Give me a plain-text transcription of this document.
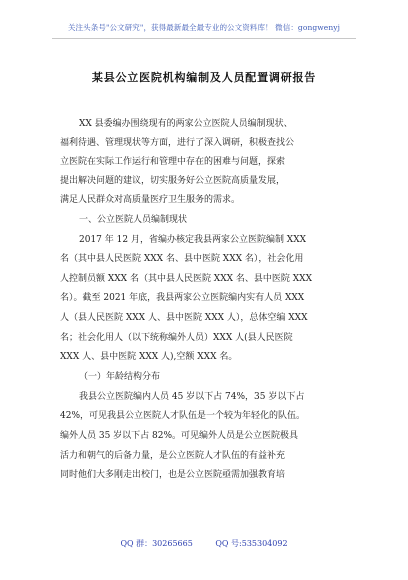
关注头条号"公文研究"，获得最新最全最专业的公文资料库！ 微信：gongwenyj
某县公立医院机构编制及人员配置调研报告
XX 县委编办围绕现有的两家公立医院人员编制现状、
福利待遇、管理现状等方面，进行了深入调研，积极查找公
立医院在实际工作运行和管理中存在的困难与问题，探索
提出解决问题的建议，切实服务好公立医院高质量发展，
满足人民群众对高质量医疗卫生服务的需求。
一、公立医院人员编制现状
2017 年 12 月，省编办核定我县两家公立医院编制 XXX
名（其中县人民医院 XXX 名、县中医院 XXX 名），社会化用
人控制员额 XXX 名（其中县人民医院 XXX 名、县中医院 XXX
名）。截至 2021 年底，我县两家公立医院编内实有人员 XXX
人（县人民医院 XXX 人、县中医院 XXX 人），总体空编 XXX
名；社会化用人（以下统称编外人员）XXX 人(县人民医院
XXX 人、县中医院 XXX 人),空额 XXX 名。
（一）年龄结构分布
我县公立医院编内人员 45 岁以下占 74%，35 岁以下占
42%，可见我县公立医院人才队伍是一个较为年轻化的队伍。
编外人员 35 岁以下占 82%。可见编外人员是公立医院极具
活力和朝气的后备力量，是公立医院人才队伍的有益补充
同时他们大多刚走出校门，也是公立医院亟需加强教育培
QQ 群：30265665	QQ 号:535304092
